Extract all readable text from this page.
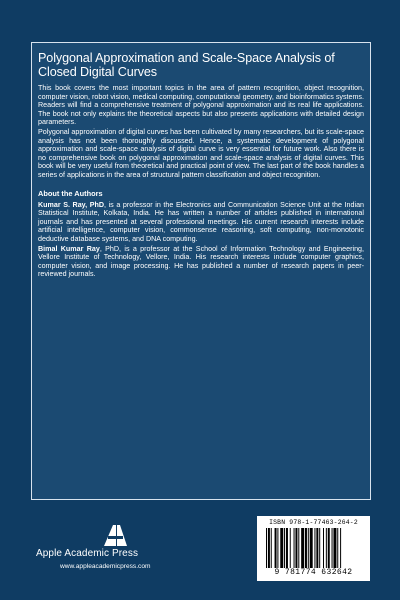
Polygonal Approximation and Scale-Space Analysis of Closed Digital Curves

This book covers the most important topics in the area of pattern recognition, object recognition, computer vision, robot vision, medical computing, computational geometry, and bioinformatics systems. Readers will find a comprehensive treatment of polygonal approximation and its real life applications. The book not only explains the theoretical aspects but also presents applications with detailed design parameters.

Polygonal approximation of digital curves has been cultivated by many researchers, but its scale-space analysis has not been thoroughly discussed. Hence, a systematic development of polygonal approximation and scale-space analysis of digital curve is very essential for future work. Also there is no comprehensive book on polygonal approximation and scale-space analysis of digital curves. This book will be very useful from theoretical and practical point of view. The last part of the book handles a series of applications in the area of structural pattern classification and object recognition.

About the Authors

Kumar S. Ray, PhD, is a professor in the Electronics and Communication Science Unit at the Indian Statistical Institute, Kolkata, India. He has written a number of articles published in international journals and has presented at several professional meetings. His current research interests include artificial intelligence, computer vision, commonsense reasoning, soft computing, non-monotonic deductive database systems, and DNA computing.

Bimal Kumar Ray, PhD, is a professor at the School of Information Technology and Engineering, Vellore Institute of Technology, Vellore, India. His research interests include computer graphics, computer vision, and image processing. He has published a number of research papers in peer-reviewed journals.

Apple Academic Press
www.appleacademicpress.com
ISBN 978-1-77463-264-2
9 781774 632642
